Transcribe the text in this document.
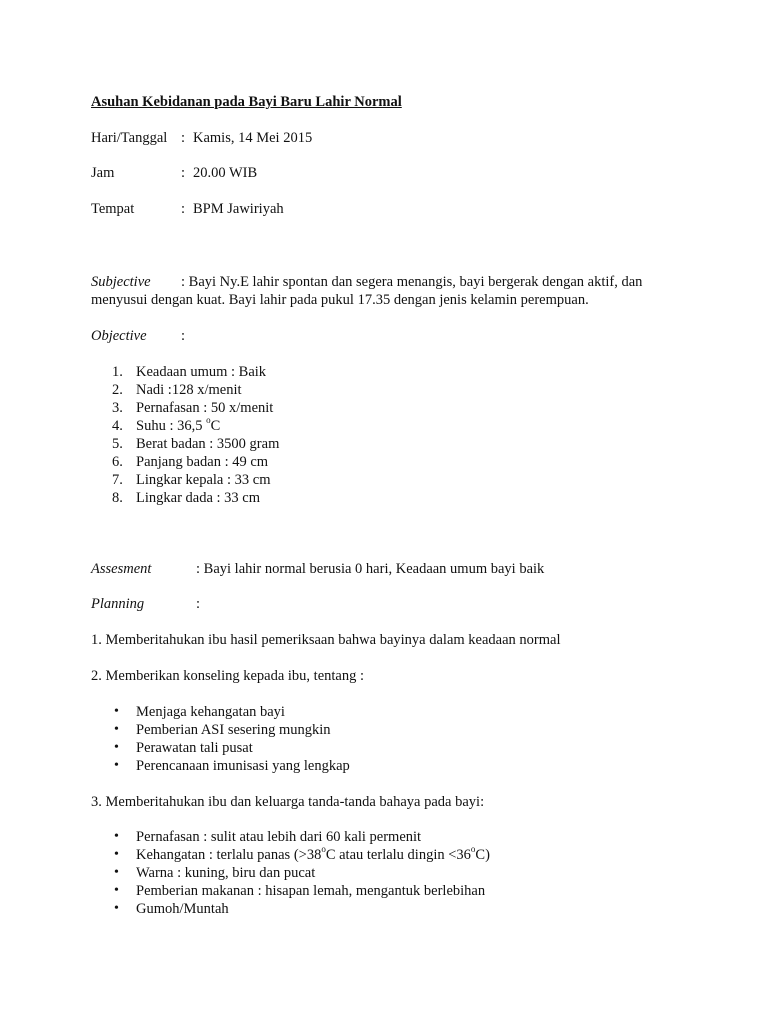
Asuhan Kebidanan pada Bayi Baru Lahir Normal
Hari/Tanggal : Kamis, 14 Mei 2015
Jam	: 20.00 WIB
Tempat	: BPM Jawiriyah
Subjective : Bayi Ny.E lahir spontan dan segera menangis, bayi bergerak dengan aktif, dan
menyusui dengan kuat. Bayi lahir pada pukul 17.35 dengan jenis kelamin perempuan.
Objective :
1. Keadaan umum : Baik
2. Nadi :128 x/menit
3. Pernafasan : 50 x/menit
4. Suhu : 36,5 $^o$C
5. Berat badan : 3500 gram
6. Panjang badan : 49 cm
7. Lingkar kepala : 33 cm
8. Lingkar dada : 33 cm
Assesment	: Bayi lahir normal berusia 0 hari, Keadaan umum bayi baik
Planning	:
1. Memberitahukan ibu hasil pemeriksaan bahwa bayinya dalam keadaan normal
2. Memberikan konseling kepada ibu, tentang :
• Menjaga kehangatan bayi
• Pemberian ASI sesering mungkin
• Perawatan tali pusat
• Perencanaan imunisasi yang lengkap
3. Memberitahukan ibu dan keluarga tanda-tanda bahaya pada bayi:
• Pernafasan : sulit atau lebih dari 60 kali permenit
• Kehangatan : terlalu panas ($>38^oC$ atau terlalu dingin $<36^oC$)
• Warna : kuning, biru dan pucat
• Pemberian makanan : hisapan lemah, mengantuk berlebihan
• Gumoh/Muntah
